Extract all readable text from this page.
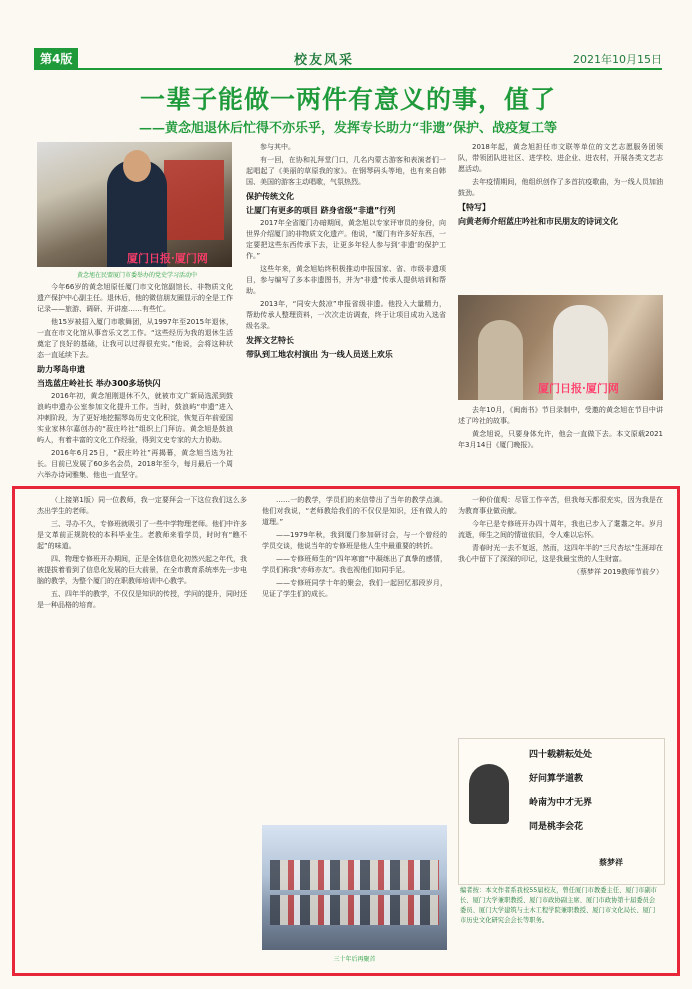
第4版	校友风采	2021年10月15日
一辈子能做一两件有意义的事，值了
——黄念旭退休后忙得不亦乐乎，发挥专长助力“非遗”保护、战疫复工等
厦门日报·厦门网
黄念旭在民盟厦门市委举办的党史学习活动中

今年66岁的黄念旭原任厦门市文化馆副馆长、非物质文化遗产保护中心副主任。退休后，他的微信朋友圈显示的全是工作记录——旅游、调研、开讲座……有些忙。

他15岁被招入厦门市歌舞团，从1997年至2015年退休，一直在市文化馆从事音乐文艺工作。“这些经历为我的退休生活奠定了良好的基础，让我可以过得很充实。”他说，会将这种状态一直延续下去。

助力琴岛申遗
当选蓝庄岭社长 举办300多场快闪

2016年初，黄念旭刚退休不久，就被市文广新局选派到鼓浪屿申遗办公室参加文化提升工作。当时，鼓浪屿“申遗”进入冲刺阶段，为了更好地挖掘琴岛历史文化积淀，恢复百年前爱国实业家林尔嘉创办的“菽庄吟社”组织上门拜访。黄念旭是鼓浪屿人，有着丰富的文化工作经验，得到文史专家的大力协助。

2016年6月25日，“菽庄吟社”再揭幕，黄念旭当选为社长。目前已发展了60多名会员，2018年至今，每月最后一个周六举办诗词雅集，他也一直坚守。

参与其中。

有一回，在协和礼拜堂门口，几名内蒙古游客和表演者们一起唱起了《美丽的草原我的家》。在钢琴码头等地，也有来自韩国、美国的游客主动唱歌，气氛热烈。

保护传统文化
让厦门有更多的项目 跻身省级“非遗”行列

2017年全省厦门办暗期间，黄念旭以专家评审员的身份，向世界介绍厦门的非物质文化遗产。他说，“厦门有许多好东西，一定要把这些东西传承下去，让更多年轻人参与到‘非遗’的保护工作。”

这些年来，黄念旭始终积极推动申报国家、省、市级非遗项目，参与编写了多本非遗图书，并为“非遗”传承人提供培训和帮助。

2013年，“同安大鼓凉”申报省级非遗。他投入大量精力，帮助传承人整理资料，一次次走访调查，终于让项目成功入选省级名录。

发挥文艺特长
带队到工地农村演出 为一线人员送上欢乐

2018年起，黄念旭担任市文联等单位的文艺志愿服务团领队，带领团队进社区、进学校、进企业、进农村，开展各类文艺志愿活动。

去年疫情期间，他组织创作了多首抗疫歌曲，为一线人员加油鼓劲。

【特写】
向黄老师介绍蓝庄吟社和市民朋友的诗词文化
厦门日报·厦门网

去年10月，《闽南书》节目录制中，受邀的黄念旭在节目中讲述了吟社的故事。

黄念旭说，只要身体允许，他会一直做下去。本文原载2021年3月14日《厦门晚报》。

（上接第1版）同一位教师，我一定要拜会一下这位我们这么多杰出学生的老师。

三、寻办不久，专修班就吸引了一些中学物理老师。他们中许多是文革前正规院校的本科毕业生。老教师来看学员，时时有“瞧不起”的味道。

四、物理专修班开办期间，正是全体信息化初然兴起之年代，我被提拔着看到了信息化发展的巨大前景，在全市教育系统率先一步电脑的教学，为整个厦门的在职教师培训中心教学。

五、四年半的教学，不仅仅是知识的传授，学问的提升，同时还是一种品格的培育。

……一的教学，学员们的来信带出了当年的教学点滴。他们对我说，“老师教给我们的不仅仅是知识，还有做人的道理。”

——1979年秋，我到厦门参加研讨会，与一个曾经的学员交谈，他说当年的专修班是他人生中最重要的转折。

——专修班师生的“四年寒窗”中凝练出了真挚的感情，学员们称我“亦师亦友”。我也视他们如同手足。

——专修班同学十年的聚会，我们一起回忆那段岁月，见证了学生们的成长。

三十年后再聚首

一种价值观：尽管工作辛苦，但我每天都很充实，因为我是在为教育事业做贡献。

今年已是专修班开办四十周年，我也已步入了耄耋之年。岁月流逝，师生之间的情谊依旧，令人难以忘怀。

青春时光一去不复返，然而，这四年半的“三尺杏坛”生涯却在我心中留下了深深的印记，这是我最宝贵的人生财富。

（蔡梦祥 2019教师节前夕）

四十载耕耘处处
好问算学道教
岭南为中才无界
同是桃李会花
蔡梦祥
编者按：本文作者系我校55届校友，曾任厦门市教委主任、厦门市副市长、厦门大学兼职教授、厦门市政协副主席、厦门市政协第十届委员会委员、厦门大学建筑与土木工程学院兼职教授、厦门市文化局长、厦门市历史文化研究会会长等职务。
